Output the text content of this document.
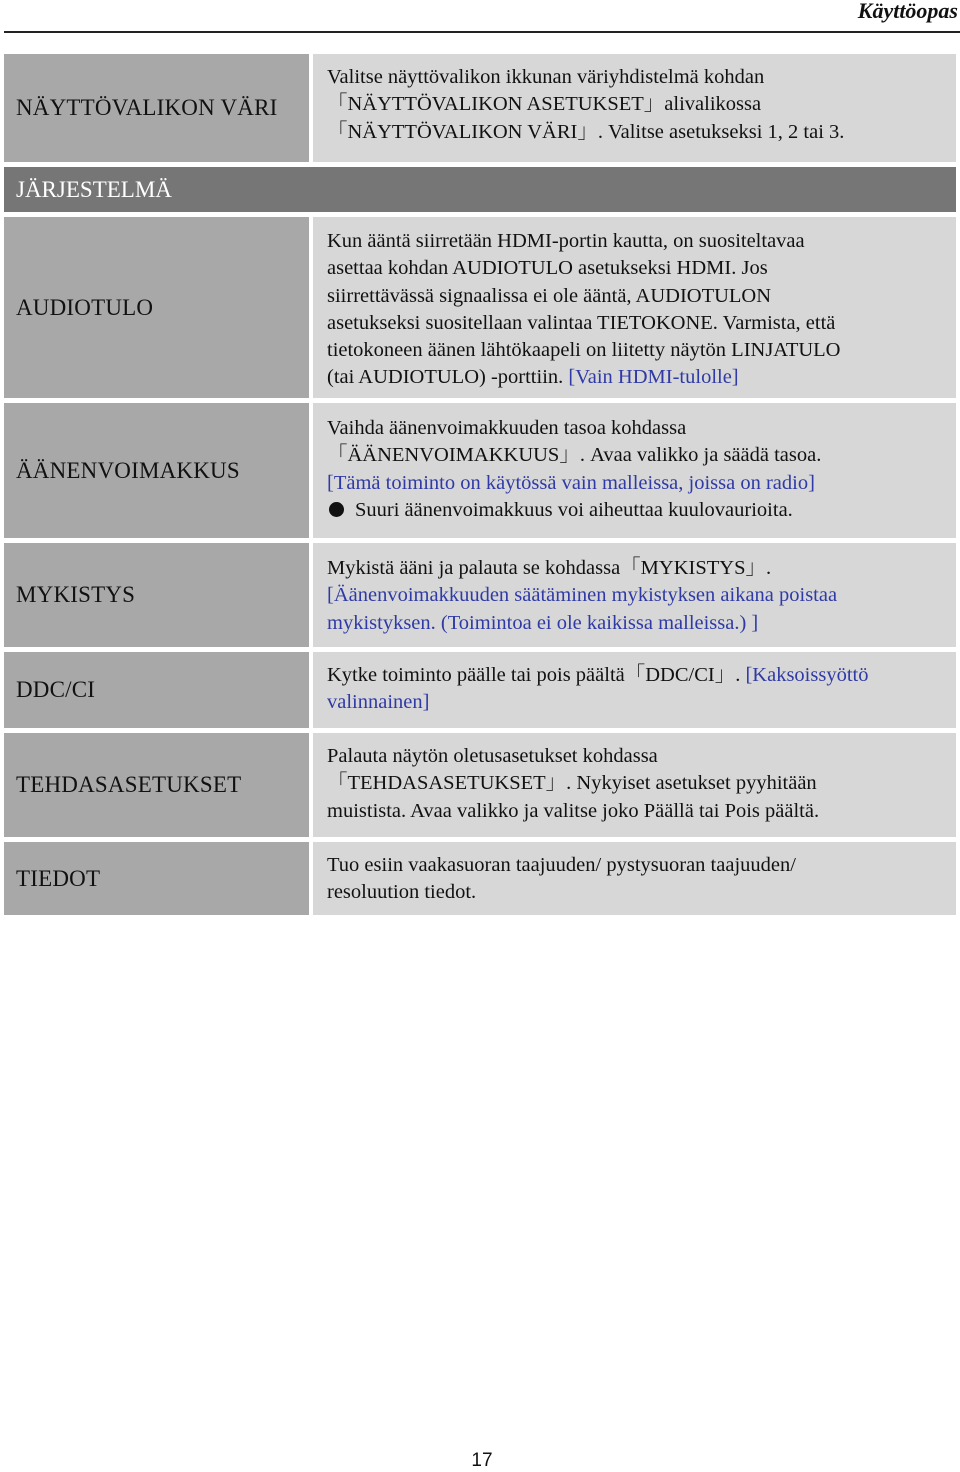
Käyttöopas
NÄYTTÖVALIKON VÄRI
Valitse näyttövalikon ikkunan väriyhdistelmä kohdan
「NÄYTTÖVALIKON ASETUKSET」alivalikossa
「NÄYTTÖVALIKON VÄRI」. Valitse asetukseksi 1, 2 tai 3.
JÄRJESTELMÄ
AUDIOTULO
Kun ääntä siirretään HDMI-portin kautta, on suositeltavaa
asettaa kohdan AUDIOTULO asetukseksi HDMI. Jos
siirrettävässä signaalissa ei ole ääntä, AUDIOTULON
asetukseksi suositellaan valintaa TIETOKONE. Varmista, että
tietokoneen äänen lähtökaapeli on liitetty näytön LINJATULO
(tai AUDIOTULO) -porttiin. [Vain HDMI-tulolle]
ÄÄNENVOIMAKKUS
Vaihda äänenvoimakkuuden tasoa kohdassa
「ÄÄNENVOIMAKKUUS」. Avaa valikko ja säädä tasoa.
[Tämä toiminto on käytössä vain malleissa, joissa on radio]
Suuri äänenvoimakkuus voi aiheuttaa kuulovaurioita.
MYKISTYS
Mykistä ääni ja palauta se kohdassa「MYKISTYS」.
[Äänenvoimakkuuden säätäminen mykistyksen aikana poistaa
mykistyksen. (Toimintoa ei ole kaikissa malleissa.) ]
DDC/CI
Kytke toiminto päälle tai pois päältä「DDC/CI」. [Kaksoissyöttö
valinnainen]
TEHDASASETUKSET
Palauta näytön oletusasetukset kohdassa
「TEHDASASETUKSET」. Nykyiset asetukset pyyhitään
muistista. Avaa valikko ja valitse joko Päällä tai Pois päältä.
TIEDOT
Tuo esiin vaakasuoran taajuuden/ pystysuoran taajuuden/
resoluution tiedot.
17
